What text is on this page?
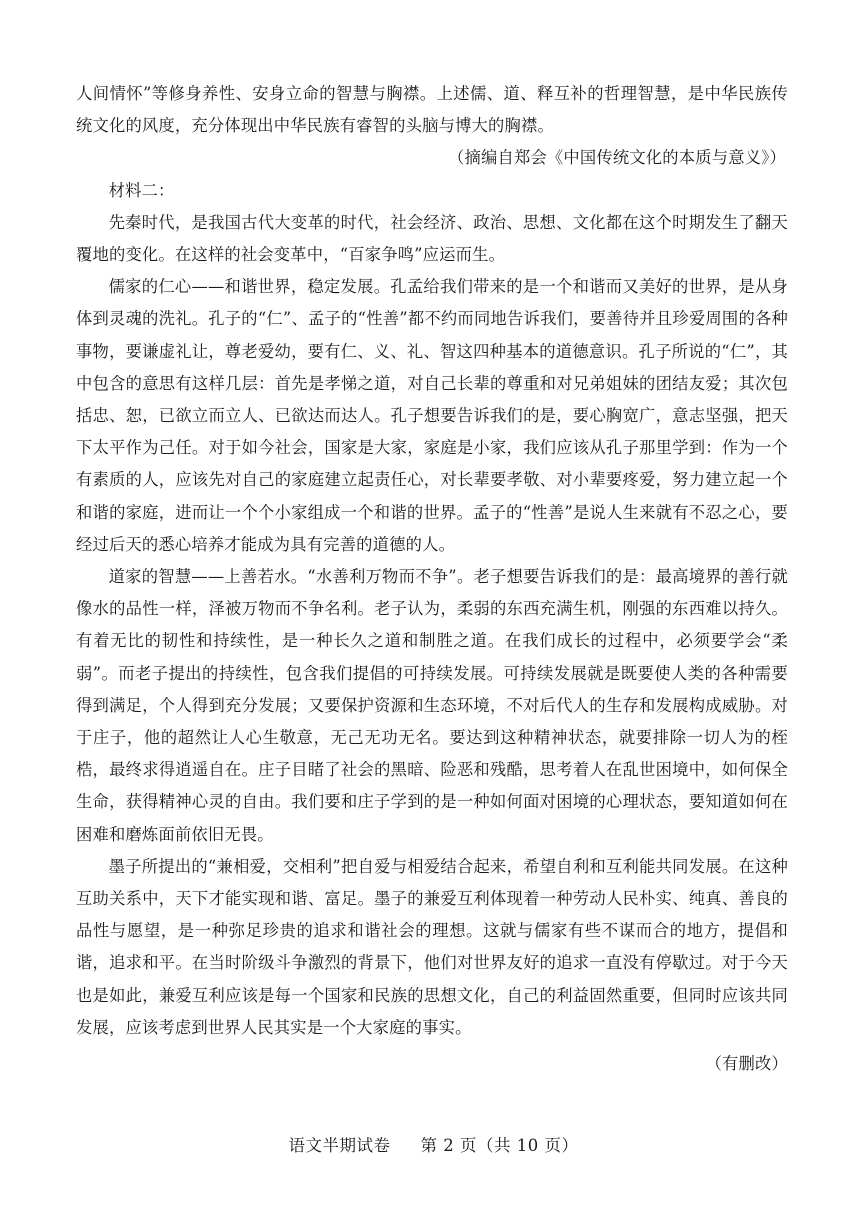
人间情怀”等修身养性、安身立命的智慧与胸襟。上述儒、道、释互补的哲理智慧，是中华民族传统文化的风度，充分体现出中华民族有睿智的头脑与博大的胸襟。

（摘编自郑会《中国传统文化的本质与意义》）

材料二：

先秦时代，是我国古代大变革的时代，社会经济、政治、思想、文化都在这个时期发生了翻天覆地的变化。在这样的社会变革中，“百家争鸣”应运而生。

儒家的仁心——和谐世界，稳定发展。孔孟给我们带来的是一个和谐而又美好的世界，是从身体到灵魂的洗礼。孔子的“仁”、孟子的“性善”都不约而同地告诉我们，要善待并且珍爱周围的各种事物，要谦虚礼让，尊老爱幼，要有仁、义、礼、智这四种基本的道德意识。孔子所说的“仁”，其中包含的意思有这样几层：首先是孝悌之道，对自己长辈的尊重和对兄弟姐妹的团结友爱；其次包括忠、恕，已欲立而立人、已欲达而达人。孔子想要告诉我们的是，要心胸宽广，意志坚强，把天下太平作为己任。对于如今社会，国家是大家，家庭是小家，我们应该从孔子那里学到：作为一个有素质的人，应该先对自己的家庭建立起责任心，对长辈要孝敬、对小辈要疼爱，努力建立起一个和谐的家庭，进而让一个个小家组成一个和谐的世界。孟子的“性善”是说人生来就有不忍之心，要经过后天的悉心培养才能成为具有完善的道德的人。

道家的智慧——上善若水。“水善利万物而不争”。老子想要告诉我们的是：最高境界的善行就像水的品性一样，泽被万物而不争名利。老子认为，柔弱的东西充满生机，刚强的东西难以持久。有着无比的韧性和持续性，是一种长久之道和制胜之道。在我们成长的过程中，必须要学会“柔弱”。而老子提出的持续性，包含我们提倡的可持续发展。可持续发展就是既要使人类的各种需要得到满足，个人得到充分发展；又要保护资源和生态环境，不对后代人的生存和发展构成威胁。对于庄子，他的超然让人心生敬意，无己无功无名。要达到这种精神状态，就要排除一切人为的桎梏，最终求得逍遥自在。庄子目睹了社会的黑暗、险恶和残酷，思考着人在乱世困境中，如何保全生命，获得精神心灵的自由。我们要和庄子学到的是一种如何面对困境的心理状态，要知道如何在困难和磨炼面前依旧无畏。

墨子所提出的“兼相爱，交相利”把自爱与相爱结合起来，希望自利和互利能共同发展。在这种互助关系中，天下才能实现和谐、富足。墨子的兼爱互利体现着一种劳动人民朴实、纯真、善良的品性与愿望，是一种弥足珍贵的追求和谐社会的理想。这就与儒家有些不谋而合的地方，提倡和谐，追求和平。在当时阶级斗争激烈的背景下，他们对世界友好的追求一直没有停歇过。对于今天也是如此，兼爱互利应该是每一个国家和民族的思想文化，自己的利益固然重要，但同时应该共同发展，应该考虑到世界人民其实是一个大家庭的事实。

（有删改）

语文半期试卷 第 2 页（共 10 页）
